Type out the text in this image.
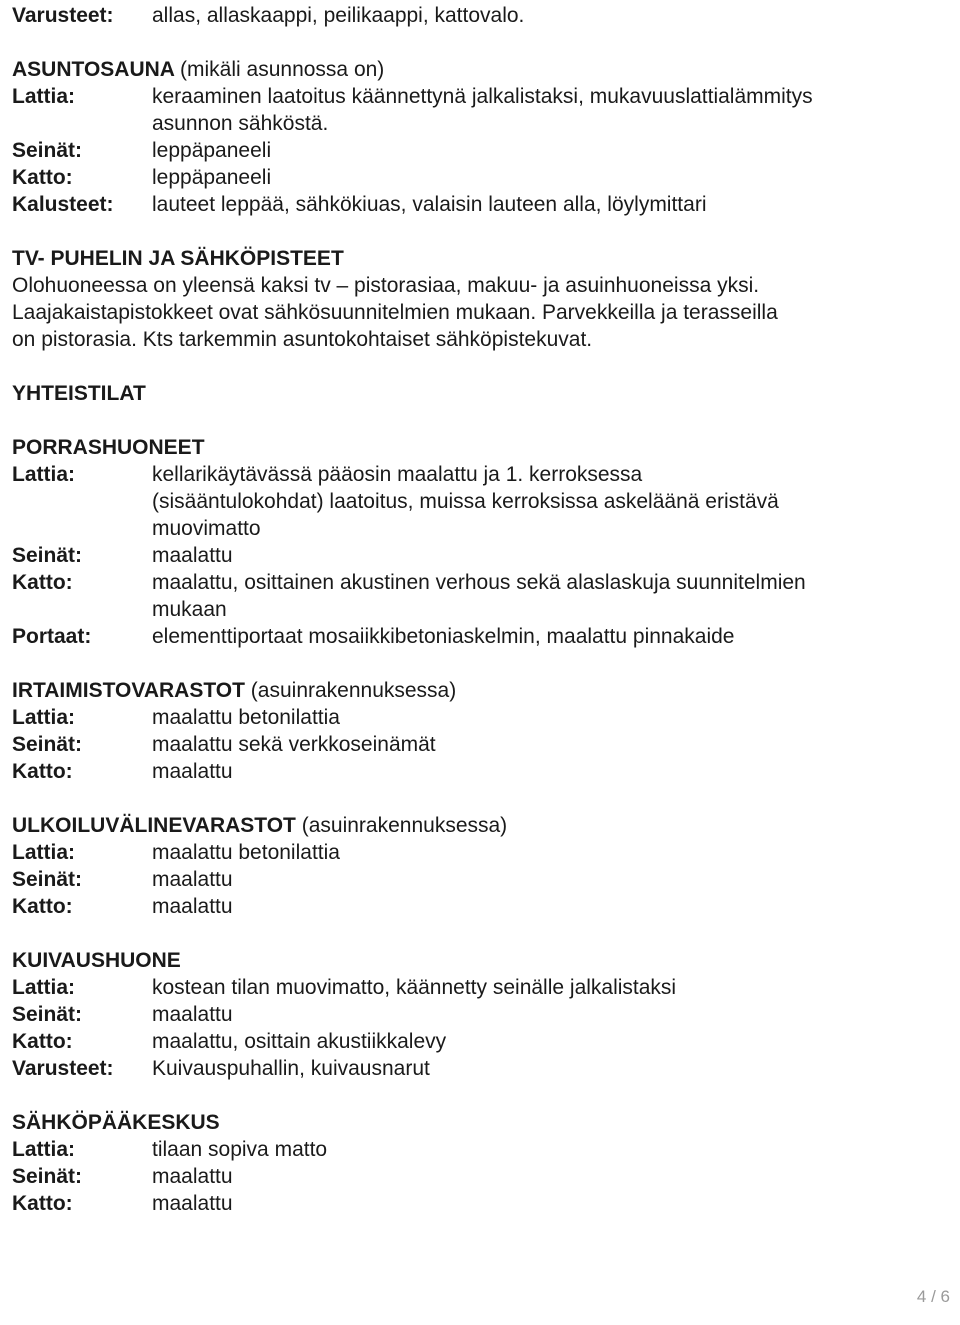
Varusteet:	allas, allaskaappi, peilikaappi, kattovalo.
ASUNTOSAUNA (mikäli asunnossa on)
Lattia:	keraaminen laatoitus käännettynä jalkalistaksi, mukavuuslattialämmitys
asunnon sähköstä.
Seinät:	leppäpaneeli
Katto:	leppäpaneeli
Kalusteet:	lauteet leppää, sähkökiuas, valaisin lauteen alla, löylymittari
TV- PUHELIN JA SÄHKÖPISTEET
Olohuoneessa on yleensä kaksi tv – pistorasiaa, makuu- ja asuinhuoneissa yksi.
Laajakaistapistokkeet ovat sähkösuunnitelmien mukaan. Parvekkeilla ja terasseilla
on pistorasia. Kts tarkemmin asuntokohtaiset sähköpistekuvat.
YHTEISTILAT
PORRASHUONEET
Lattia:	kellarikäytävässä pääosin maalattu ja 1. kerroksessa
(sisääntulokohdat) laatoitus, muissa kerroksissa askeläänä eristävä
muovimatto
Seinät:	maalattu
Katto:	maalattu, osittainen akustinen verhous sekä alaslaskuja suunnitelmien
mukaan
Portaat:	elementtiportaat mosaiikkibetoniaskelmin, maalattu pinnakaide
IRTAIMISTOVARASTOT (asuinrakennuksessa)
Lattia:	maalattu betonilattia
Seinät:	maalattu sekä verkkoseinämät
Katto:	maalattu
ULKOILUVÄLINEVARASTOT (asuinrakennuksessa)
Lattia:	maalattu betonilattia
Seinät:	maalattu
Katto:	maalattu
KUIVAUSHUONE
Lattia:	kostean tilan muovimatto, käännetty seinälle jalkalistaksi
Seinät:	maalattu
Katto:	maalattu, osittain akustiikkalevy
Varusteet:	Kuivauspuhallin, kuivausnarut
SÄHKÖPÄÄKESKUS
Lattia:	tilaan sopiva matto
Seinät:	maalattu
Katto:	maalattu
4 / 6
